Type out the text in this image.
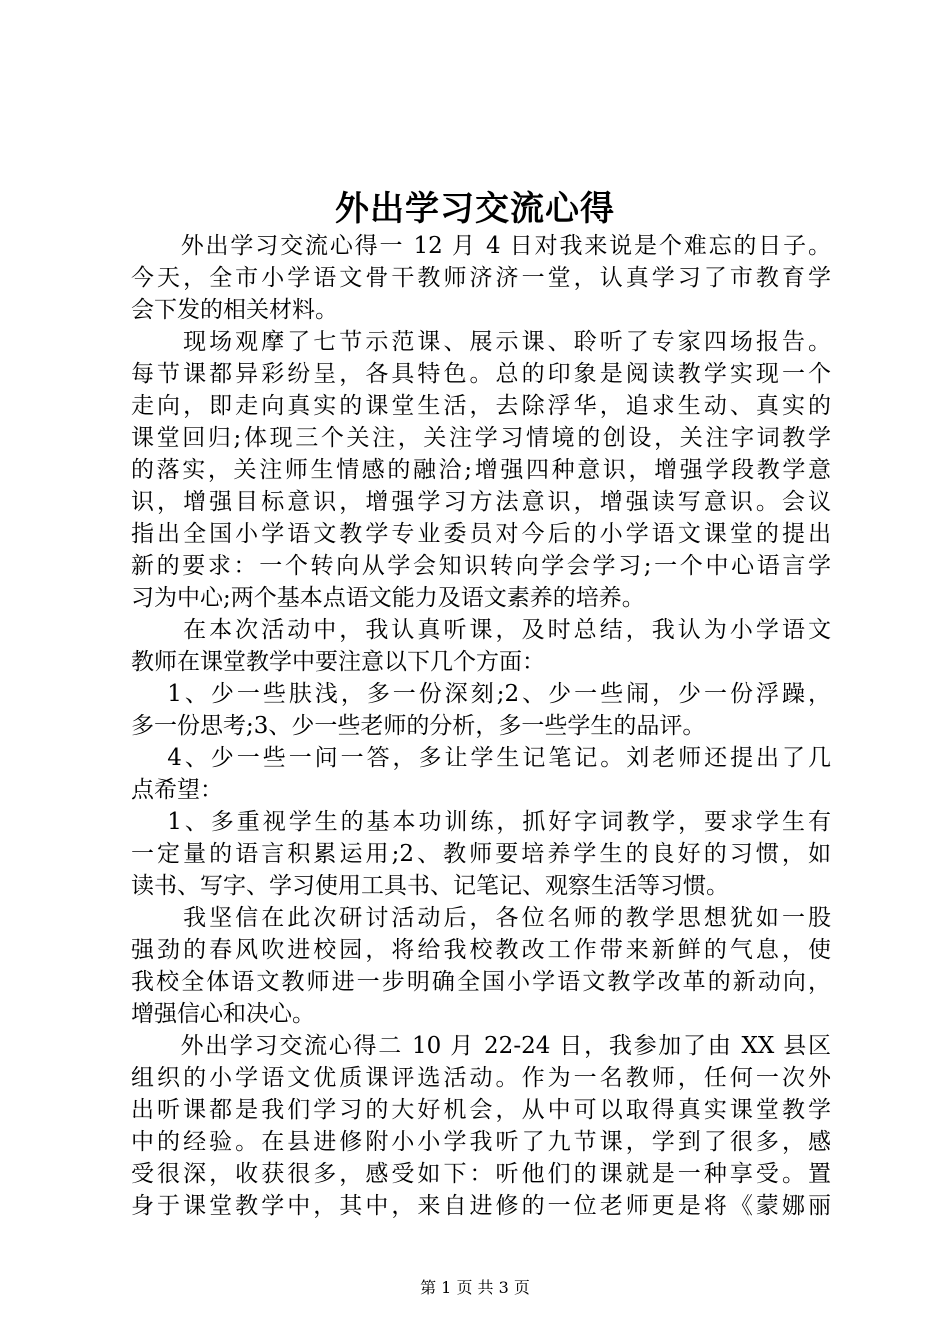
外出学习交流心得
　　外出学习交流心得一 12 月 4 日对我来说是个难忘的日子。
今天，全市小学语文骨干教师济济一堂，认真学习了市教育学
会下发的相关材料。
　　现场观摩了七节示范课、展示课、聆听了专家四场报告。
每节课都异彩纷呈，各具特色。总的印象是阅读教学实现一个
走向，即走向真实的课堂生活，去除浮华，追求生动、真实的
课堂回归;体现三个关注，关注学习情境的创设，关注字词教学
的落实，关注师生情感的融洽;增强四种意识，增强学段教学意
识，增强目标意识，增强学习方法意识，增强读写意识。会议
指出全国小学语文教学专业委员对今后的小学语文课堂的提出
新的要求：一个转向从学会知识转向学会学习;一个中心语言学
习为中心;两个基本点语文能力及语文素养的培养。
　　在本次活动中，我认真听课，及时总结，我认为小学语文
教师在课堂教学中要注意以下几个方面：
　 1、少一些肤浅，多一份深刻;2、少一些闹，少一份浮躁，
多一份思考;3、少一些老师的分析，多一些学生的品评。
　 4、少一些一问一答，多让学生记笔记。刘老师还提出了几
点希望：
　 1、多重视学生的基本功训练，抓好字词教学，要求学生有
一定量的语言积累运用;2、教师要培养学生的良好的习惯，如
读书、写字、学习使用工具书、记笔记、观察生活等习惯。
　　我坚信在此次研讨活动后，各位名师的教学思想犹如一股
强劲的春风吹进校园，将给我校教改工作带来新鲜的气息，使
我校全体语文教师进一步明确全国小学语文教学改革的新动向，
增强信心和决心。
　　外出学习交流心得二 10 月 22-24 日，我参加了由 XX 县区
组织的小学语文优质课评选活动。作为一名教师，任何一次外
出听课都是我们学习的大好机会，从中可以取得真实课堂教学
中的经验。在县进修附小小学我听了九节课，学到了很多，感
受很深，收获很多，感受如下：听他们的课就是一种享受。置
身于课堂教学中，其中，来自进修的一位老师更是将《蒙娜丽
第 1 页 共 3 页
